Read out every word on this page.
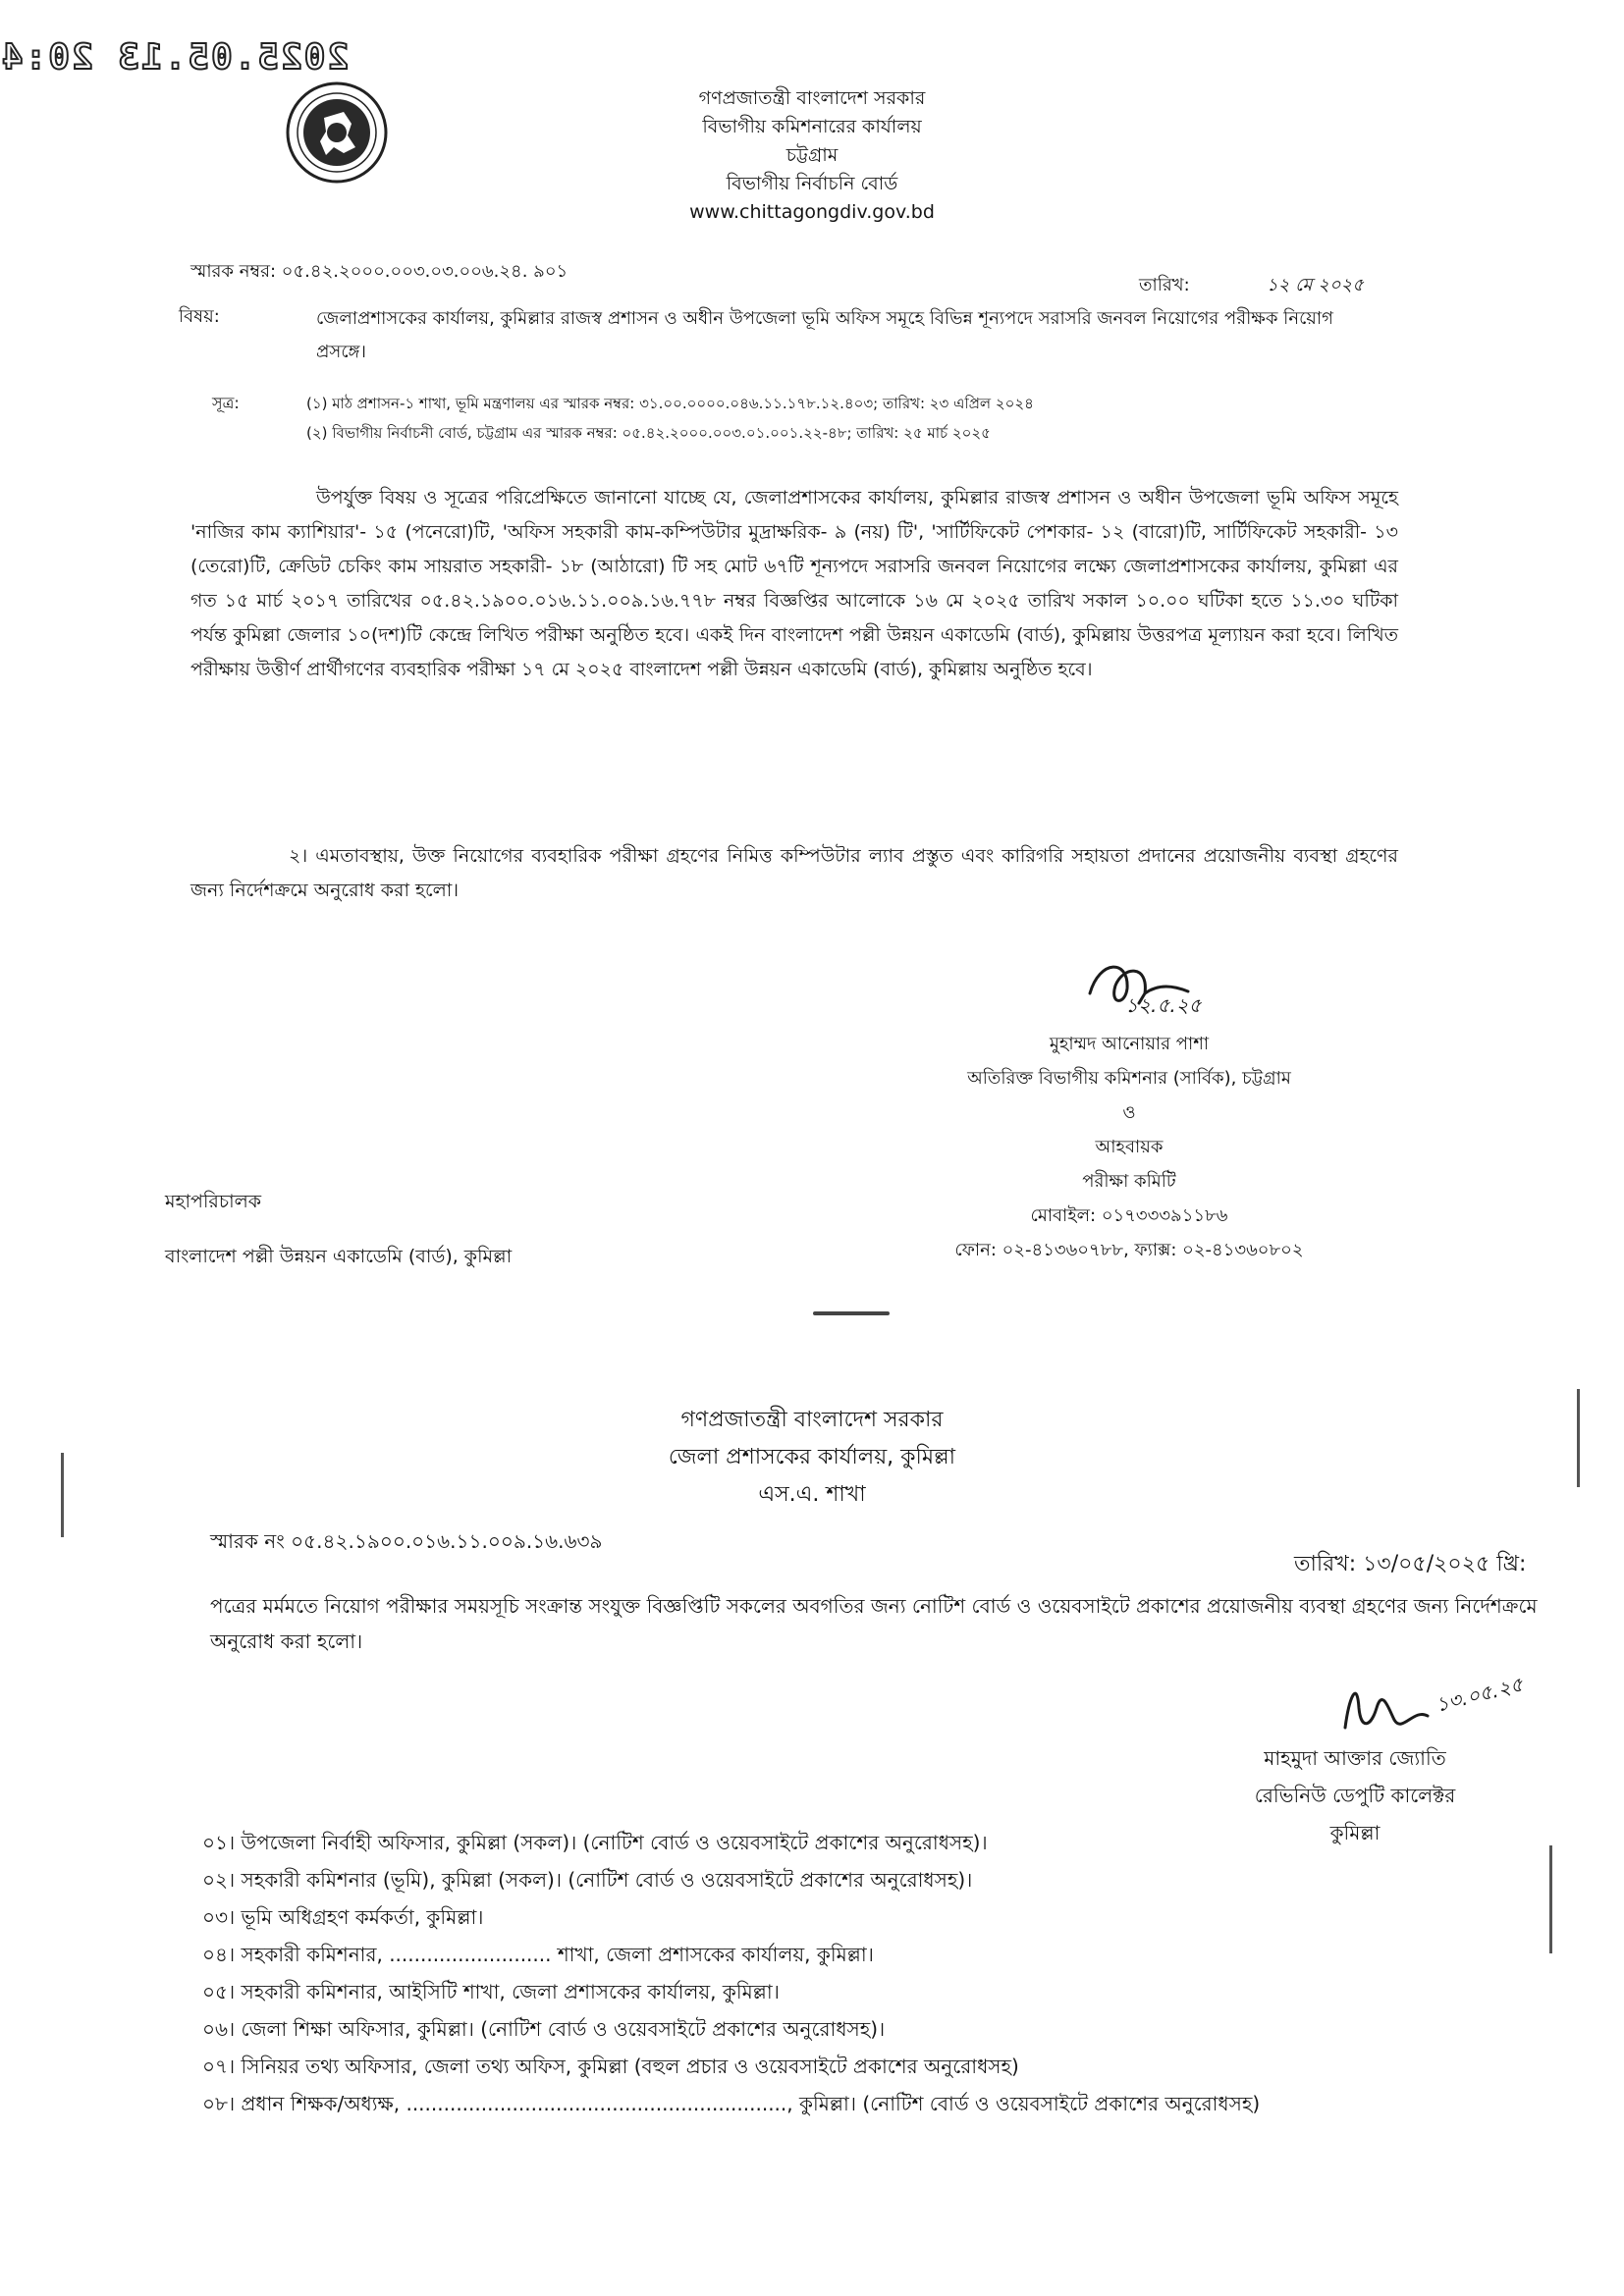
2025.05.13 20:4
গণপ্রজাতন্ত্রী বাংলাদেশ সরকার
বিভাগীয় কমিশনারের কার্যালয়
চট্টগ্রাম
বিভাগীয় নির্বাচনি বোর্ড
www.chittagongdiv.gov.bd
স্মারক নম্বর: ০৫.৪২.২০০০.০০৩.০৩.০০৬.২৪. ৯০১
তারিখ:	১২ মে ২০২৫
বিষয়:	জেলাপ্রশাসকের কার্যালয়, কুমিল্লার রাজস্ব প্রশাসন ও অধীন উপজেলা ভূমি অফিস সমূহে বিভিন্ন শূন্যপদে সরাসরি জনবল নিয়োগের পরীক্ষক নিয়োগ প্রসঙ্গে।
সূত্র:	(১) মাঠ প্রশাসন-১ শাখা, ভূমি মন্ত্রণালয় এর স্মারক নম্বর: ৩১.০০.০০০০.০৪৬.১১.১৭৮.১২.৪০৩; তারিখ: ২৩ এপ্রিল ২০২৪
(২) বিভাগীয় নির্বাচনী বোর্ড, চট্টগ্রাম এর স্মারক নম্বর: ০৫.৪২.২০০০.০০৩.০১.০০১.২২-৪৮; তারিখ: ২৫ মার্চ ২০২৫
উপর্যুক্ত বিষয় ও সূত্রের পরিপ্রেক্ষিতে জানানো যাচ্ছে যে, জেলাপ্রশাসকের কার্যালয়, কুমিল্লার রাজস্ব প্রশাসন ও অধীন উপজেলা ভূমি অফিস সমূহে 'নাজির কাম ক্যাশিয়ার'- ১৫ (পনেরো)টি, 'অফিস সহকারী কাম-কম্পিউটার মুদ্রাক্ষরিক- ৯ (নয়) টি', 'সার্টিফিকেট পেশকার- ১২ (বারো)টি, সার্টিফিকেট সহকারী- ১৩ (তেরো)টি, ক্রেডিট চেকিং কাম সায়রাত সহকারী- ১৮ (আঠারো) টি সহ মোট ৬৭টি শূন্যপদে সরাসরি জনবল নিয়োগের লক্ষ্যে জেলাপ্রশাসকের কার্যালয়, কুমিল্লা এর গত ১৫ মার্চ ২০১৭ তারিখের ০৫.৪২.১৯০০.০১৬.১১.০০৯.১৬.৭৭৮ নম্বর বিজ্ঞপ্তির আলোকে ১৬ মে ২০২৫ তারিখ সকাল ১০.০০ ঘটিকা হতে ১১.৩০ ঘটিকা পর্যন্ত কুমিল্লা জেলার ১০(দশ)টি কেন্দ্রে লিখিত পরীক্ষা অনুষ্ঠিত হবে। একই দিন বাংলাদেশ পল্লী উন্নয়ন একাডেমি (বার্ড), কুমিল্লায় উত্তরপত্র মূল্যায়ন করা হবে। লিখিত পরীক্ষায় উত্তীর্ণ প্রার্থীগণের ব্যবহারিক পরীক্ষা ১৭ মে ২০২৫ বাংলাদেশ পল্লী উন্নয়ন একাডেমি (বার্ড), কুমিল্লায় অনুষ্ঠিত হবে।
২। এমতাবস্থায়, উক্ত নিয়োগের ব্যবহারিক পরীক্ষা গ্রহণের নিমিত্ত কম্পিউটার ল্যাব প্রস্তুত এবং কারিগরি সহায়তা প্রদানের প্রয়োজনীয় ব্যবস্থা গ্রহণের জন্য নির্দেশক্রমে অনুরোধ করা হলো।
১২.৫.২৫
মুহাম্মদ আনোয়ার পাশা
অতিরিক্ত বিভাগীয় কমিশনার (সার্বিক), চট্টগ্রাম
ও
আহবায়ক
পরীক্ষা কমিটি
মোবাইল: ০১৭৩৩৩৯১১৮৬
ফোন: ০২-৪১৩৬০৭৮৮, ফ্যাক্স: ০২-৪১৩৬০৮০২
মহাপরিচালক
বাংলাদেশ পল্লী উন্নয়ন একাডেমি (বার্ড), কুমিল্লা
গণপ্রজাতন্ত্রী বাংলাদেশ সরকার
জেলা প্রশাসকের কার্যালয়, কুমিল্লা
এস.এ. শাখা
স্মারক নং ০৫.৪২.১৯০০.০১৬.১১.০০৯.১৬.৬৩৯
তারিখ: ১৩/০৫/২০২৫ খ্রি:
পত্রের মর্মমতে নিয়োগ পরীক্ষার সময়সূচি সংক্রান্ত সংযুক্ত বিজ্ঞপ্তিটি সকলের অবগতির জন্য নোটিশ বোর্ড ও ওয়েবসাইটে প্রকাশের প্রয়োজনীয় ব্যবস্থা গ্রহণের জন্য নির্দেশক্রমে অনুরোধ করা হলো।
১৩.০৫.২৫
মাহমুদা আক্তার জ্যোতি
রেভিনিউ ডেপুটি কালেক্টর
কুমিল্লা
০১। উপজেলা নির্বাহী অফিসার, কুমিল্লা (সকল)। (নোটিশ বোর্ড ও ওয়েবসাইটে প্রকাশের অনুরোধসহ)।
০২। সহকারী কমিশনার (ভূমি), কুমিল্লা (সকল)। (নোটিশ বোর্ড ও ওয়েবসাইটে প্রকাশের অনুরোধসহ)।
০৩। ভূমি অধিগ্রহণ কর্মকর্তা, কুমিল্লা।
০৪। সহকারী কমিশনার, .......................... শাখা, জেলা প্রশাসকের কার্যালয়, কুমিল্লা।
০৫। সহকারী কমিশনার, আইসিটি শাখা, জেলা প্রশাসকের কার্যালয়, কুমিল্লা।
০৬। জেলা শিক্ষা অফিসার, কুমিল্লা। (নোটিশ বোর্ড ও ওয়েবসাইটে প্রকাশের অনুরোধসহ)।
০৭। সিনিয়র তথ্য অফিসার, জেলা তথ্য অফিস, কুমিল্লা (বহুল প্রচার ও ওয়েবসাইটে প্রকাশের অনুরোধসহ)
০৮। প্রধান শিক্ষক/অধ্যক্ষ, ............................................................., কুমিল্লা। (নোটিশ বোর্ড ও ওয়েবসাইটে প্রকাশের অনুরোধসহ)
